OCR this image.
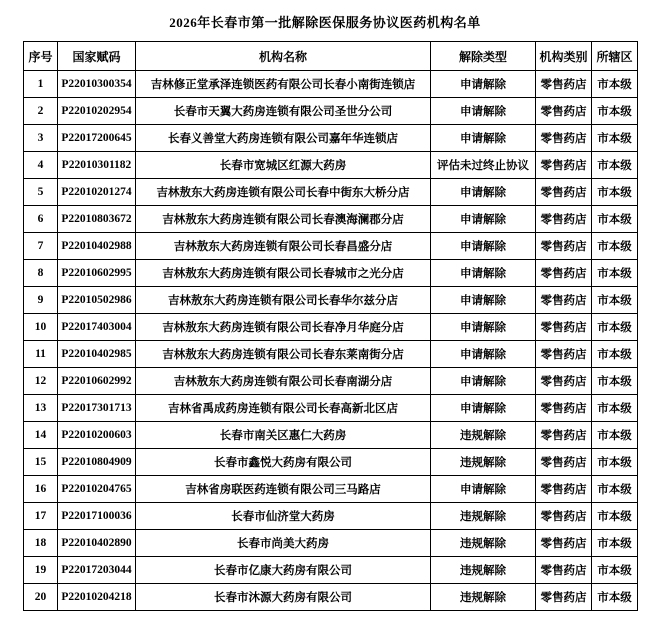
2026年长春市第一批解除医保服务协议医药机构名单
序号	国家赋码	机构名称	解除类型	机构类别	所辖区
1	P22010300354	吉林修正堂承泽连锁医药有限公司长春小南街连锁店	申请解除	零售药店	市本级
2	P22010202954	长春市天翼大药房连锁有限公司圣世分公司	申请解除	零售药店	市本级
3	P22017200645	长春义善堂大药房连锁有限公司嘉年华连锁店	申请解除	零售药店	市本级
4	P22010301182	长春市宽城区红源大药房	评估未过终止协议	零售药店	市本级
5	P22010201274	吉林敖东大药房连锁有限公司长春中街东大桥分店	申请解除	零售药店	市本级
6	P22010803672	吉林敖东大药房连锁有限公司长春澳海澜郡分店	申请解除	零售药店	市本级
7	P22010402988	吉林敖东大药房连锁有限公司长春昌盛分店	申请解除	零售药店	市本级
8	P22010602995	吉林敖东大药房连锁有限公司长春城市之光分店	申请解除	零售药店	市本级
9	P22010502986	吉林敖东大药房连锁有限公司长春华尔兹分店	申请解除	零售药店	市本级
10	P22017403004	吉林敖东大药房连锁有限公司长春净月华庭分店	申请解除	零售药店	市本级
11	P22010402985	吉林敖东大药房连锁有限公司长春东莱南街分店	申请解除	零售药店	市本级
12	P22010602992	吉林敖东大药房连锁有限公司长春南湖分店	申请解除	零售药店	市本级
13	P22017301713	吉林省禹成药房连锁有限公司长春高新北区店	申请解除	零售药店	市本级
14	P22010200603	长春市南关区惠仁大药房	违规解除	零售药店	市本级
15	P22010804909	长春市鑫悦大药房有限公司	违规解除	零售药店	市本级
16	P22010204765	吉林省房联医药连锁有限公司三马路店	申请解除	零售药店	市本级
17	P22017100036	长春市仙济堂大药房	违规解除	零售药店	市本级
18	P22010402890	长春市尚美大药房	违规解除	零售药店	市本级
19	P22017203044	长春市亿康大药房有限公司	违规解除	零售药店	市本级
20	P22010204218	长春市沐源大药房有限公司	违规解除	零售药店	市本级
